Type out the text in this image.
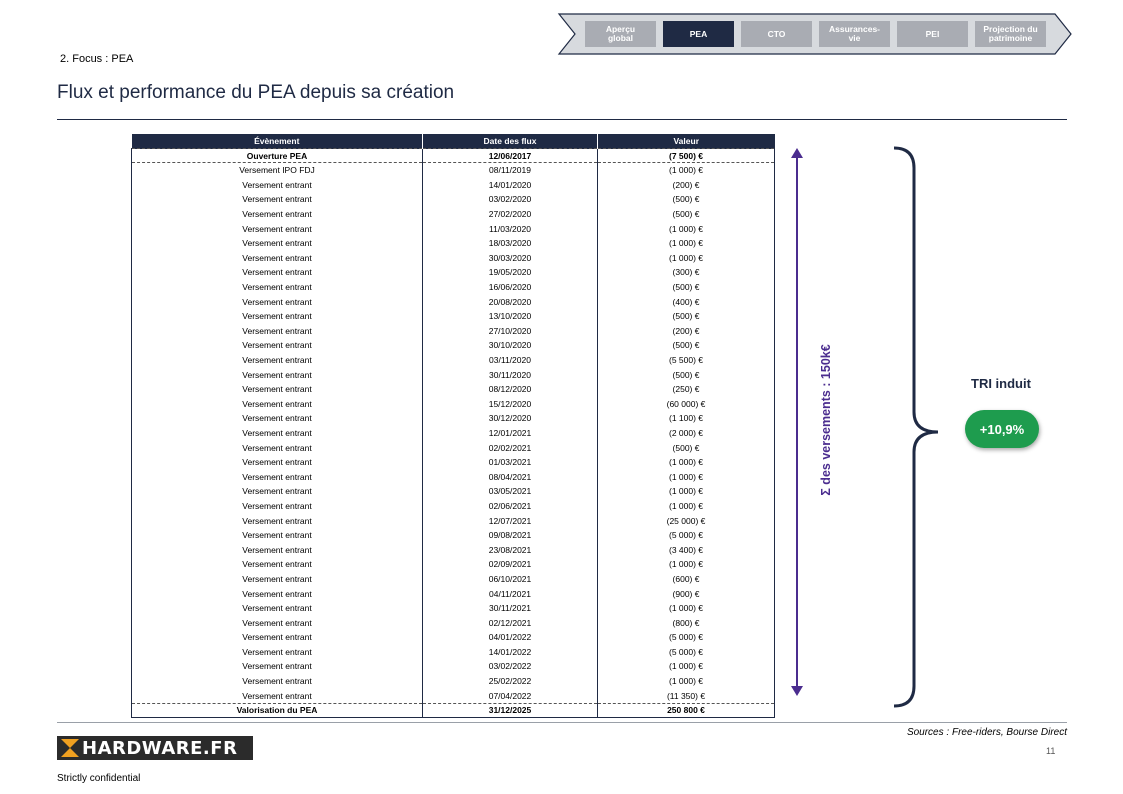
Aperçu
global	PEA	CTO	Assurances-
vie	PEI	Projection du
patrimoine
2. Focus : PEA
Flux et performance du PEA depuis sa création
Évènement	Date des flux	Valeur
Ouverture PEA	12/06/2017	(7 500) €
Versement IPO FDJ	08/11/2019	(1 000) €
Versement entrant	14/01/2020	(200) €
Versement entrant	03/02/2020	(500) €
Versement entrant	27/02/2020	(500) €
Versement entrant	11/03/2020	(1 000) €
Versement entrant	18/03/2020	(1 000) €
Versement entrant	30/03/2020	(1 000) €
Versement entrant	19/05/2020	(300) €
Versement entrant	16/06/2020	(500) €
Versement entrant	20/08/2020	(400) €
Versement entrant	13/10/2020	(500) €
Versement entrant	27/10/2020	(200) €
Versement entrant	30/10/2020	(500) €
Versement entrant	03/11/2020	(5 500) €
Versement entrant	30/11/2020	(500) €
Versement entrant	08/12/2020	(250) €
Versement entrant	15/12/2020	(60 000) €
Versement entrant	30/12/2020	(1 100) €
Versement entrant	12/01/2021	(2 000) €
Versement entrant	02/02/2021	(500) €
Versement entrant	01/03/2021	(1 000) €
Versement entrant	08/04/2021	(1 000) €
Versement entrant	03/05/2021	(1 000) €
Versement entrant	02/06/2021	(1 000) €
Versement entrant	12/07/2021	(25 000) €
Versement entrant	09/08/2021	(5 000) €
Versement entrant	23/08/2021	(3 400) €
Versement entrant	02/09/2021	(1 000) €
Versement entrant	06/10/2021	(600) €
Versement entrant	04/11/2021	(900) €
Versement entrant	30/11/2021	(1 000) €
Versement entrant	02/12/2021	(800) €
Versement entrant	04/01/2022	(5 000) €
Versement entrant	14/01/2022	(5 000) €
Versement entrant	03/02/2022	(1 000) €
Versement entrant	25/02/2022	(1 000) €
Versement entrant	07/04/2022	(11 350) €
Valorisation du PEA	31/12/2025	250 800 €
Σ des versements : 150k€	TRI induit
+10,9%
Sources : Free-riders, Bourse Direct
11
HARDWARE.FR
Strictly confidential
